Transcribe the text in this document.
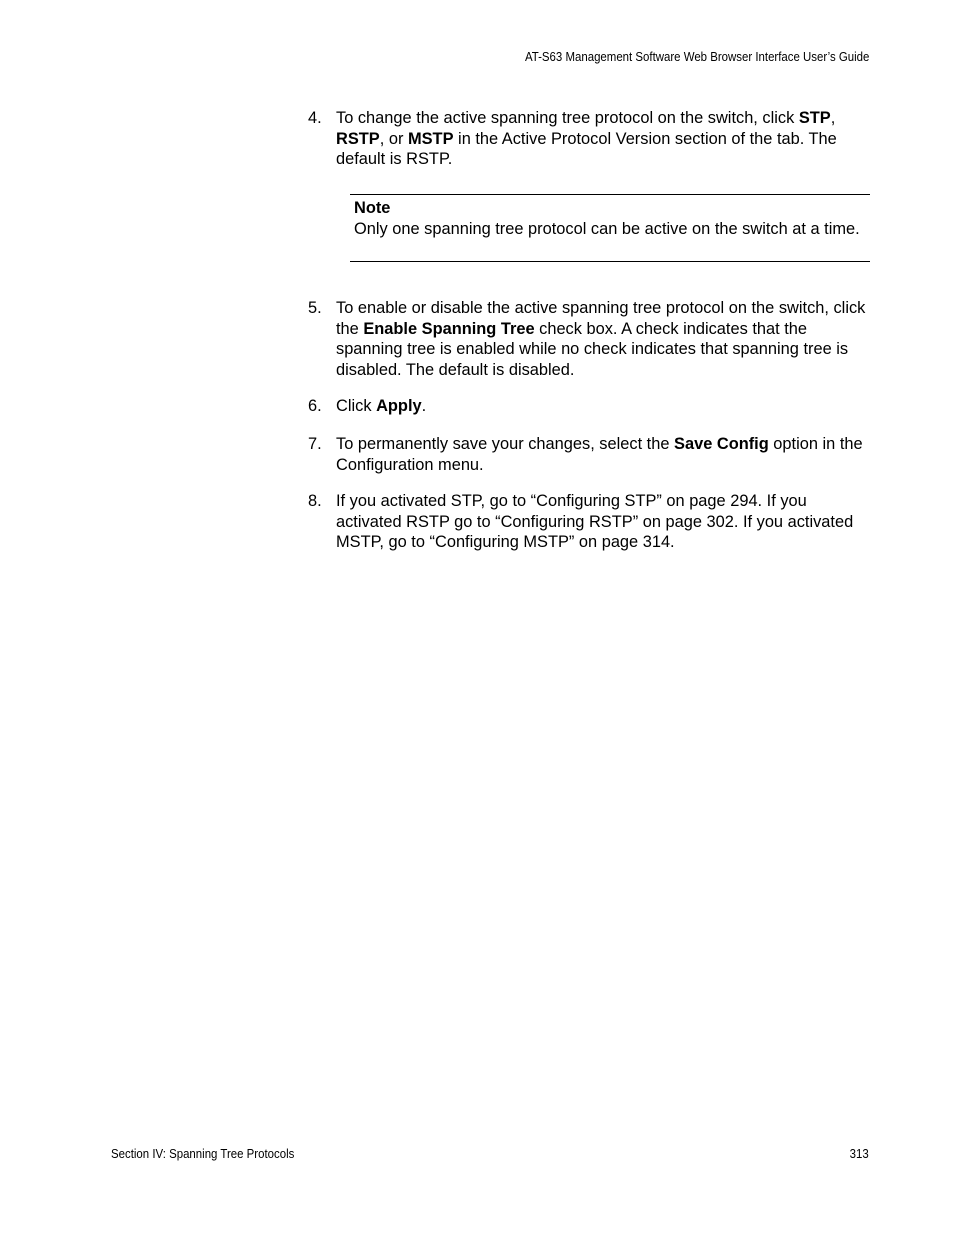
AT-S63 Management Software Web Browser Interface User’s Guide
4. To change the active spanning tree protocol on the switch, click STP, RSTP, or MSTP in the Active Protocol Version section of the tab. The default is RSTP.
Note
Only one spanning tree protocol can be active on the switch at a time.
5. To enable or disable the active spanning tree protocol on the switch, click the Enable Spanning Tree check box. A check indicates that the spanning tree is enabled while no check indicates that spanning tree is disabled. The default is disabled.
6. Click Apply.
7. To permanently save your changes, select the Save Config option in the Configuration menu.
8. If you activated STP, go to “Configuring STP” on page 294. If you activated RSTP go to “Configuring RSTP” on page 302. If you activated MSTP, go to “Configuring MSTP” on page 314.
Section IV: Spanning Tree Protocols	313
